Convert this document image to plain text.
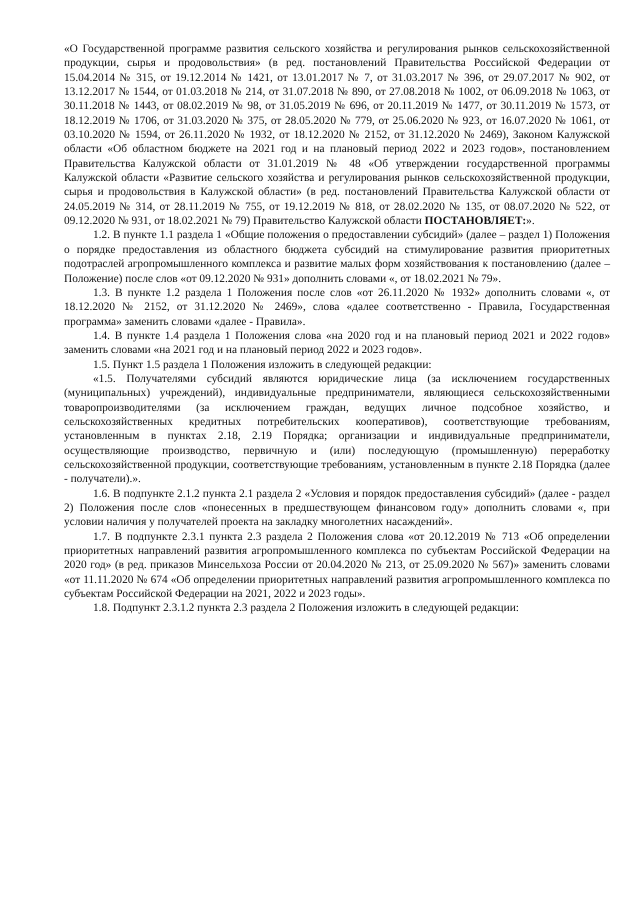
«О Государственной программе развития сельского хозяйства и регулирования рынков сельскохозяйственной продукции, сырья и продовольствия» (в ред. постановлений Правительства Российской Федерации от 15.04.2014 № 315, от 19.12.2014 № 1421, от 13.01.2017 № 7, от 31.03.2017 № 396, от 29.07.2017 № 902, от 13.12.2017 № 1544, от 01.03.2018 № 214, от 31.07.2018 № 890, от 27.08.2018 № 1002, от 06.09.2018 № 1063, от 30.11.2018 № 1443, от 08.02.2019 № 98, от 31.05.2019 № 696, от 20.11.2019 № 1477, от 30.11.2019 № 1573, от 18.12.2019 № 1706, от 31.03.2020 № 375, от 28.05.2020 № 779, от 25.06.2020 № 923, от 16.07.2020 № 1061, от 03.10.2020 № 1594, от 26.11.2020 № 1932, от 18.12.2020 № 2152, от 31.12.2020 № 2469), Законом Калужской области «Об областном бюджете на 2021 год и на плановый период 2022 и 2023 годов», постановлением Правительства Калужской области от 31.01.2019 № 48 «Об утверждении государственной программы Калужской области «Развитие сельского хозяйства и регулирования рынков сельскохозяйственной продукции, сырья и продовольствия в Калужской области» (в ред. постановлений Правительства Калужской области от 24.05.2019 № 314, от 28.11.2019 № 755, от 19.12.2019 № 818, от 28.02.2020 № 135, от 08.07.2020 № 522, от 09.12.2020 № 931, от 18.02.2021 № 79) Правительство Калужской области ПОСТАНОВЛЯЕТ:».

1.2. В пункте 1.1 раздела 1 «Общие положения о предоставлении субсидий» (далее – раздел 1) Положения о порядке предоставления из областного бюджета субсидий на стимулирование развития приоритетных подотраслей агропромышленного комплекса и развитие малых форм хозяйствования к постановлению (далее – Положение) после слов «от 09.12.2020 № 931» дополнить словами «, от 18.02.2021 № 79».

1.3. В пункте 1.2 раздела 1 Положения после слов «от 26.11.2020 № 1932» дополнить словами «, от 18.12.2020 № 2152, от 31.12.2020 № 2469», слова «далее соответственно - Правила, Государственная программа» заменить словами «далее - Правила».

1.4. В пункте 1.4 раздела 1 Положения слова «на 2020 год и на плановый период 2021 и 2022 годов» заменить словами «на 2021 год и на плановый период 2022 и 2023 годов».

1.5. Пункт 1.5 раздела 1 Положения изложить в следующей редакции:

«1.5. Получателями субсидий являются юридические лица (за исключением государственных (муниципальных) учреждений), индивидуальные предприниматели, являющиеся сельскохозяйственными товаропроизводителями (за исключением граждан, ведущих личное подсобное хозяйство, и сельскохозяйственных кредитных потребительских кооперативов), соответствующие требованиям, установленным в пунктах 2.18, 2.19 Порядка; организации и индивидуальные предприниматели, осуществляющие производство, первичную и (или) последующую (промышленную) переработку сельскохозяйственной продукции, соответствующие требованиям, установленным в пункте 2.18 Порядка (далее - получатели).».

1.6. В подпункте 2.1.2 пункта 2.1 раздела 2 «Условия и порядок предоставления субсидий» (далее - раздел 2) Положения после слов «понесенных в предшествующем финансовом году» дополнить словами «, при условии наличия у получателей проекта на закладку многолетних насаждений».

1.7. В подпункте 2.3.1 пункта 2.3 раздела 2 Положения слова «от 20.12.2019 № 713 «Об определении приоритетных направлений развития агропромышленного комплекса по субъектам Российской Федерации на 2020 год» (в ред. приказов Минсельхоза России от 20.04.2020 № 213, от 25.09.2020 № 567)» заменить словами «от 11.11.2020 № 674 «Об определении приоритетных направлений развития агропромышленного комплекса по субъектам Российской Федерации на 2021, 2022 и 2023 годы».

1.8. Подпункт 2.3.1.2 пункта 2.3 раздела 2 Положения изложить в следующей редакции:
